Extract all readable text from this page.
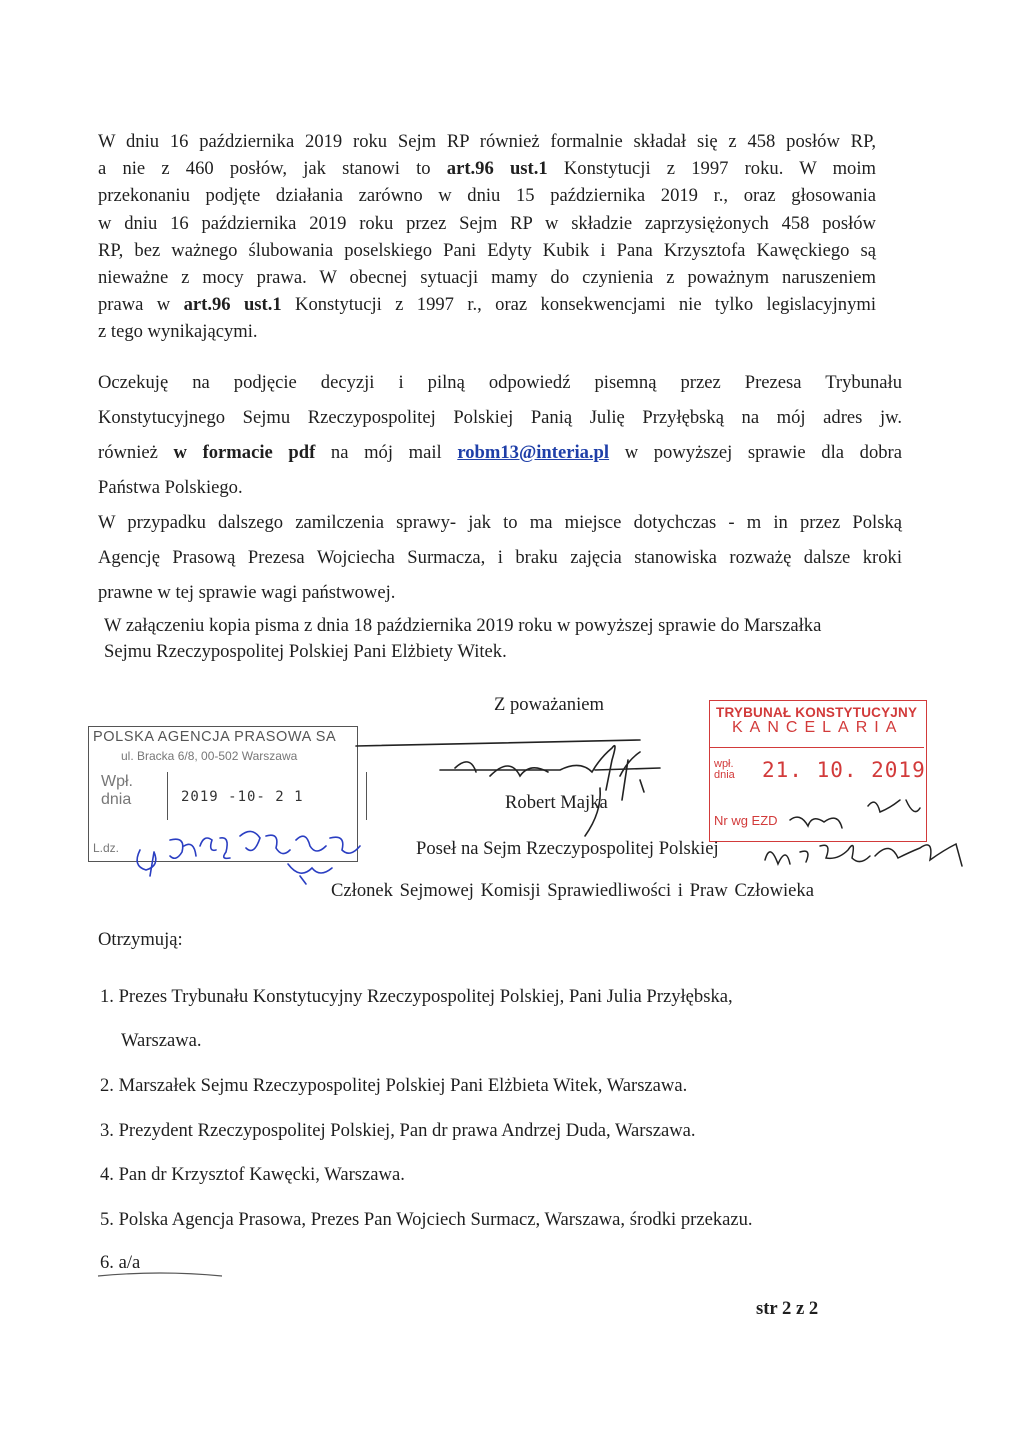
W dniu 16 października 2019 roku Sejm RP również formalnie składał się z 458 posłów RP,
a nie z 460 posłów, jak stanowi to art.96 ust.1 Konstytucji z 1997 roku. W moim
przekonaniu podjęte działania zarówno w dniu 15 października 2019 r., oraz głosowania
w dniu 16 października 2019 roku przez Sejm RP w składzie zaprzysiężonych 458 posłów
RP, bez ważnego ślubowania poselskiego Pani Edyty Kubik i Pana Krzysztofa Kawęckiego są
nieważne z mocy prawa. W obecnej sytuacji mamy do czynienia z poważnym naruszeniem
prawa w art.96 ust.1 Konstytucji z 1997 r., oraz konsekwencjami nie tylko legislacyjnymi
z tego wynikającymi.
Oczekuję na podjęcie decyzji i pilną odpowiedź pisemną przez Prezesa Trybunału
Konstytucyjnego Sejmu Rzeczypospolitej Polskiej Panią Julię Przyłębską na mój adres jw.
również w formacie pdf na mój mail robm13@interia.pl w powyższej sprawie dla dobra
Państwa Polskiego.
W przypadku dalszego zamilczenia sprawy- jak to ma miejsce dotychczas - m in przez Polską
Agencję Prasową Prezesa Wojciecha Surmacza, i braku zajęcia stanowiska rozważę dalsze kroki
prawne w tej sprawie wagi państwowej.
W załączeniu kopia pisma z dnia 18 października 2019 roku w powyższej sprawie do Marszałka
Sejmu Rzeczypospolitej Polskiej Pani Elżbiety Witek.
POLSKA AGENCJA PRASOWA SA
ul. Bracka 6/8, 00-502 Warszawa
Wpł.
dnia	2019 -10- 2 1
L.dz.
TRYBUNAŁ KONSTYTUCYJNY
KANCELARIA
wpł.
dnia 21. 10. 2019
Nr wg EZD
Z poważaniem
Robert Majka
Poseł na Sejm Rzeczypospolitej Polskiej
Członek Sejmowej Komisji Sprawiedliwości i Praw Człowieka
Otrzymują:
1. Prezes Trybunału Konstytucyjny Rzeczypospolitej Polskiej, Pani Julia Przyłębska,
Warszawa.
2. Marszałek Sejmu Rzeczypospolitej Polskiej Pani Elżbieta Witek, Warszawa.
3. Prezydent Rzeczypospolitej Polskiej, Pan dr prawa Andrzej Duda, Warszawa.
4. Pan dr Krzysztof Kawęcki, Warszawa.
5. Polska Agencja Prasowa, Prezes Pan Wojciech Surmacz, Warszawa, środki przekazu.
6. a/a
str 2 z 2
